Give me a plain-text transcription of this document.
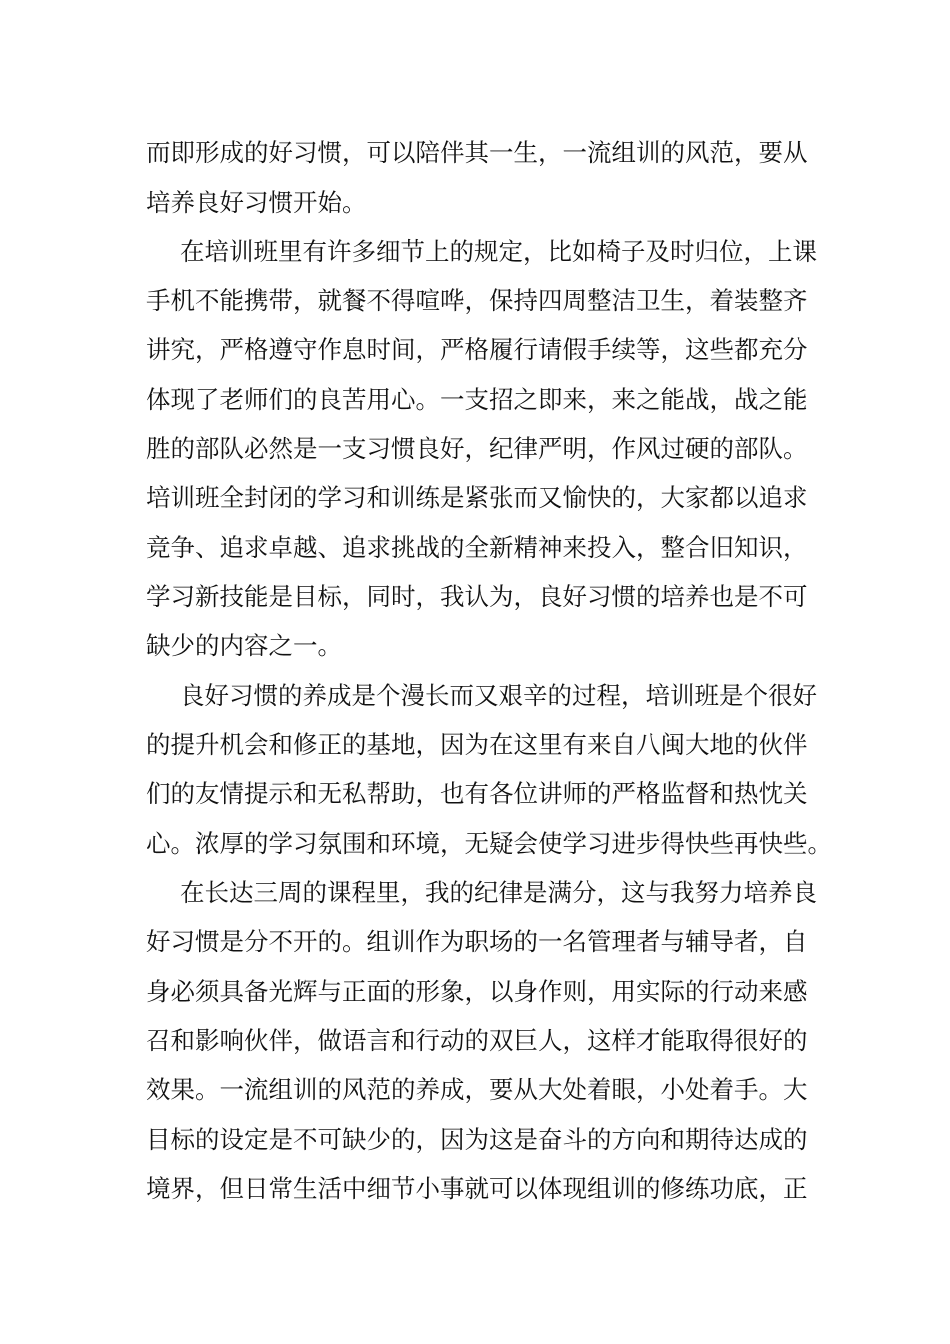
而即形成的好习惯，可以陪伴其一生，一流组训的风范，要从
培养良好习惯开始。
在培训班里有许多细节上的规定，比如椅子及时归位，上课
手机不能携带，就餐不得喧哗，保持四周整洁卫生，着装整齐
讲究，严格遵守作息时间，严格履行请假手续等，这些都充分
体现了老师们的良苦用心。一支招之即来，来之能战，战之能
胜的部队必然是一支习惯良好，纪律严明，作风过硬的部队。
培训班全封闭的学习和训练是紧张而又愉快的，大家都以追求
竞争、追求卓越、追求挑战的全新精神来投入，整合旧知识，
学习新技能是目标，同时，我认为，良好习惯的培养也是不可
缺少的内容之一。
良好习惯的养成是个漫长而又艰辛的过程，培训班是个很好
的提升机会和修正的基地，因为在这里有来自八闽大地的伙伴
们的友情提示和无私帮助，也有各位讲师的严格监督和热忱关
心。浓厚的学习氛围和环境，无疑会使学习进步得快些再快些。
在长达三周的课程里，我的纪律是满分，这与我努力培养良
好习惯是分不开的。组训作为职场的一名管理者与辅导者，自
身必须具备光辉与正面的形象，以身作则，用实际的行动来感
召和影响伙伴，做语言和行动的双巨人，这样才能取得很好的
效果。一流组训的风范的养成，要从大处着眼，小处着手。大
目标的设定是不可缺少的，因为这是奋斗的方向和期待达成的
境界，但日常生活中细节小事就可以体现组训的修练功底，正
